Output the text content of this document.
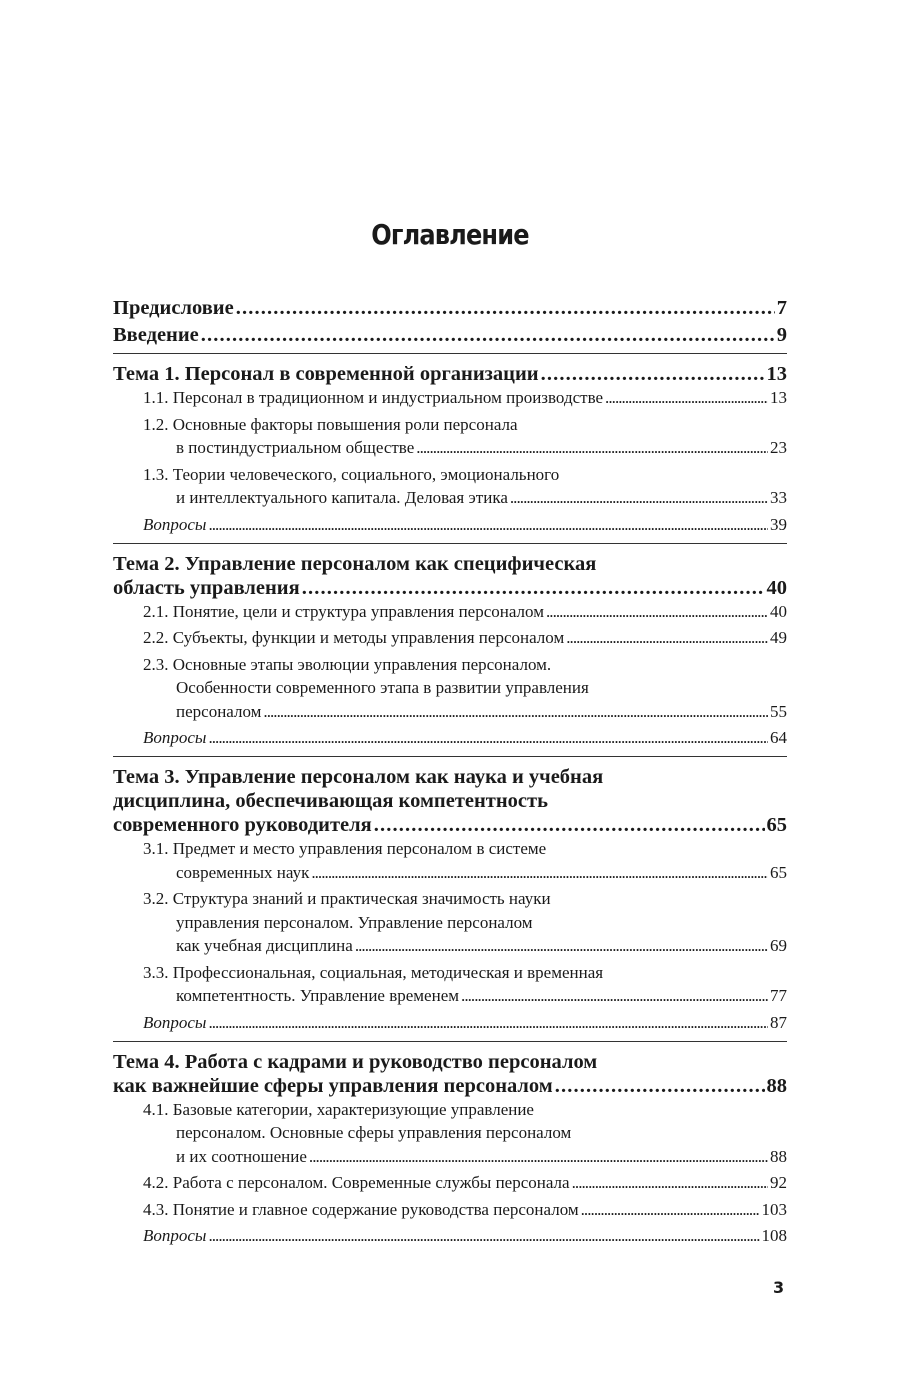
Оглавление
Предисловие . . .	7
Введение . . .	9
Тема 1. Персонал в современной организации . . .	13
1.1. Персонал в традиционном и индустриальном производстве . . .	13
1.2. Основные факторы повышения роли персонала
в постиндустриальном обществе . . .	23
1.3. Теории человеческого, социального, эмоционального
и интеллектуального капитала. Деловая этика . . .	33
Вопросы . . .	39
Тема 2. Управление персоналом как специфическая
область управления . . .	40
2.1. Понятие, цели и структура управления персоналом . . .	40
2.2. Субъекты, функции и методы управления персоналом . . .	49
2.3. Основные этапы эволюции управления персоналом.
Особенности современного этапа в развитии управления
персоналом . . .	55
Вопросы . . .	64
Тема 3. Управление персоналом как наука и учебная
дисциплина, обеспечивающая компетентность
современного руководителя . . .	65
3.1. Предмет и место управления персоналом в системе
современных наук . . .	65
3.2. Структура знаний и практическая значимость науки
управления персоналом. Управление персоналом
как учебная дисциплина . . .	69
3.3. Профессиональная, социальная, методическая и временная
компетентность. Управление временем . . .	77
Вопросы . . .	87
Тема 4. Работа с кадрами и руководство персоналом
как важнейшие сферы управления персоналом . . .	88
4.1. Базовые категории, характеризующие управление
персоналом. Основные сферы управления персоналом
и их соотношение . . .	88
4.2. Работа с персоналом. Современные службы персонала . . .	92
4.3. Понятие и главное содержание руководства персоналом . . .	103
Вопросы . . .	108
3
